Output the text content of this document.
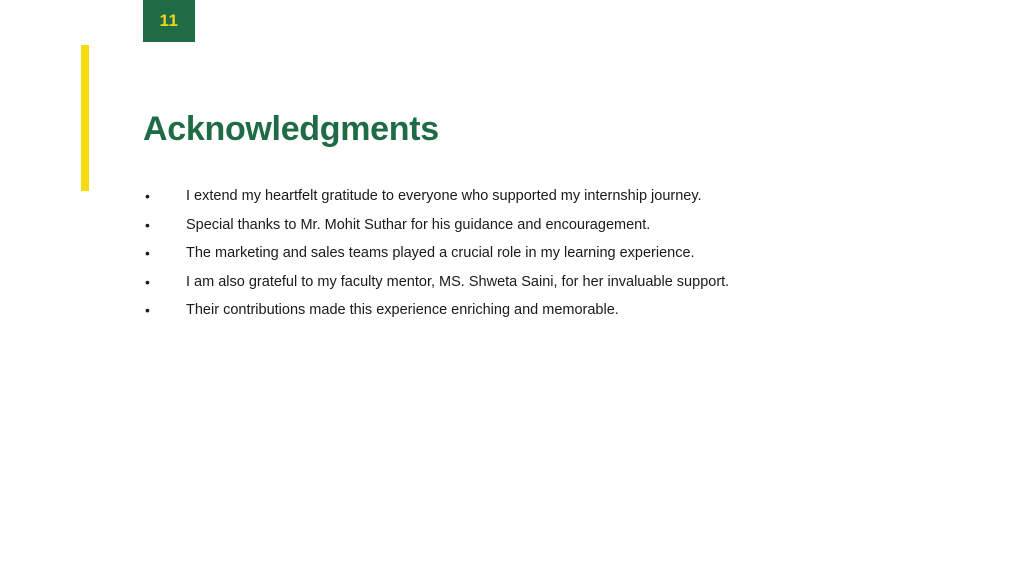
11
Acknowledgments
•	I extend my heartfelt gratitude to everyone who supported my internship journey.
•	Special thanks to Mr. Mohit Suthar for his guidance and encouragement.
•	The marketing and sales teams played a crucial role in my learning experience.
•	I am also grateful to my faculty mentor, MS. Shweta Saini, for her invaluable support.
•	Their contributions made this experience enriching and memorable.
